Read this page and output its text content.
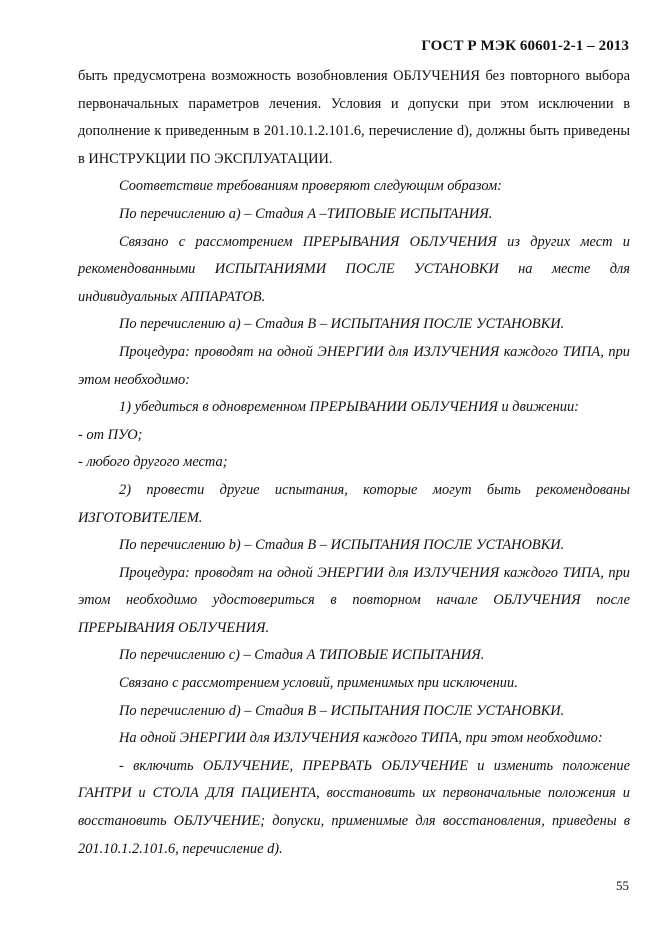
ГОСТ Р МЭК 60601-2-1 – 2013

быть предусмотрена возможность возобновления ОБЛУЧЕНИЯ без повторного выбора первоначальных параметров лечения. Условия и допуски при этом исключении в дополнение к приведенным в 201.10.1.2.101.6, перечисление d), должны быть приведены в ИНСТРУКЦИИ ПО ЭКСПЛУАТАЦИИ.

Соответствие требованиям проверяют следующим образом:

По перечислению a) – Стадия A –ТИПОВЫЕ ИСПЫТАНИЯ.

Связано с рассмотрением ПРЕРЫВАНИЯ ОБЛУЧЕНИЯ из других мест и рекомендованными ИСПЫТАНИЯМИ ПОСЛЕ УСТАНОВКИ на месте для индивидуальных АППАРАТОВ.

По перечислению a) – Стадия B – ИСПЫТАНИЯ ПОСЛЕ УСТАНОВКИ.

Процедура: проводят на одной ЭНЕРГИИ для ИЗЛУЧЕНИЯ каждого ТИПА, при этом необходимо:

1) убедиться в одновременном ПРЕРЫВАНИИ ОБЛУЧЕНИЯ и движении:

- от ПУО;

- любого другого места;

2) провести другие испытания, которые могут быть рекомендованы ИЗГОТОВИТЕЛЕМ.

По перечислению b) – Стадия B – ИСПЫТАНИЯ ПОСЛЕ УСТАНОВКИ.

Процедура: проводят на одной ЭНЕРГИИ для ИЗЛУЧЕНИЯ каждого ТИПА, при этом необходимо удостовериться в повторном начале ОБЛУЧЕНИЯ после ПРЕРЫВАНИЯ ОБЛУЧЕНИЯ.

По перечислению c) – Стадия A ТИПОВЫЕ ИСПЫТАНИЯ.

Связано с рассмотрением условий, применимых при исключении.

По перечислению d) – Стадия B – ИСПЫТАНИЯ ПОСЛЕ УСТАНОВКИ.

На одной ЭНЕРГИИ для ИЗЛУЧЕНИЯ каждого ТИПА, при этом необходимо:

- включить ОБЛУЧЕНИЕ, ПРЕРВАТЬ ОБЛУЧЕНИЕ и изменить положение ГАНТРИ и СТОЛА ДЛЯ ПАЦИЕНТА, восстановить их первоначальные положения и восстановить ОБЛУЧЕНИЕ; допуски, применимые для восстановления, приведены в 201.10.1.2.101.6, перечисление d).

55
